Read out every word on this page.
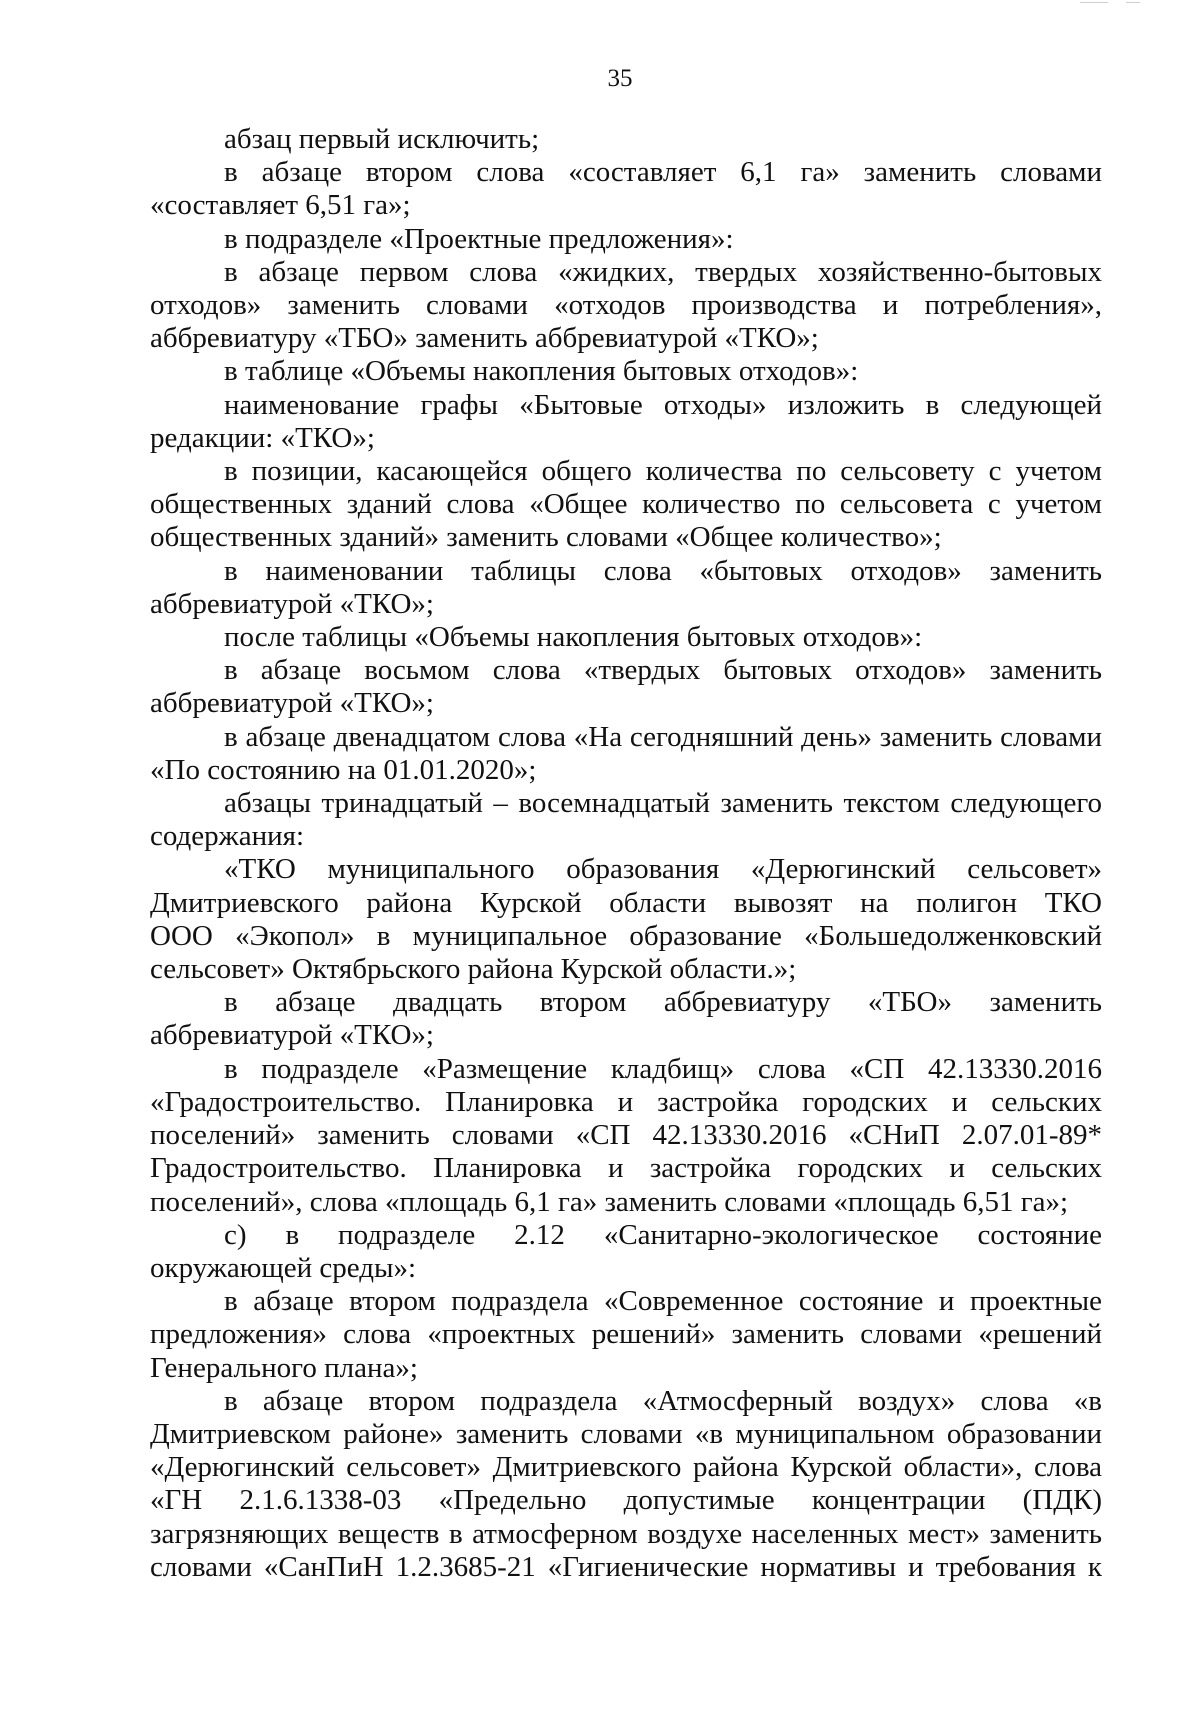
35
абзац первый исключить;
в абзаце втором слова «составляет 6,1 га» заменить словами
«составляет 6,51 га»;
в подразделе «Проектные предложения»:
в абзаце первом слова «жидких, твердых хозяйственно-бытовых
отходов» заменить словами «отходов производства и потребления»,
аббревиатуру «ТБО» заменить аббревиатурой «ТКО»;
в таблице «Объемы накопления бытовых отходов»:
наименование графы «Бытовые отходы» изложить в следующей
редакции: «ТКО»;
в позиции, касающейся общего количества по сельсовету с учетом
общественных зданий слова «Общее количество по сельсовета с учетом
общественных зданий» заменить словами «Общее количество»;
в наименовании таблицы слова «бытовых отходов» заменить
аббревиатурой «ТКО»;
после таблицы «Объемы накопления бытовых отходов»:
в абзаце восьмом слова «твердых бытовых отходов» заменить
аббревиатурой «ТКО»;
в абзаце двенадцатом слова «На сегодняшний день» заменить словами
«По состоянию на 01.01.2020»;
абзацы тринадцатый – восемнадцатый заменить текстом следующего
содержания:
«ТКО муниципального образования «Дерюгинский сельсовет»
Дмитриевского района Курской области вывозят на полигон ТКО
ООО «Экопол» в муниципальное образование «Большедолженковский
сельсовет» Октябрьского района Курской области.»;
в абзаце двадцать втором аббревиатуру «ТБО» заменить
аббревиатурой «ТКО»;
в подразделе «Размещение кладбищ» слова «СП 42.13330.2016
«Градостроительство. Планировка и застройка городских и сельских
поселений» заменить словами «СП 42.13330.2016 «СНиП 2.07.01-89*
Градостроительство. Планировка и застройка городских и сельских
поселений», слова «площадь 6,1 га» заменить словами «площадь 6,51 га»;
с) в подразделе 2.12 «Санитарно-экологическое состояние
окружающей среды»:
в абзаце втором подраздела «Современное состояние и проектные
предложения» слова «проектных решений» заменить словами «решений
Генерального плана»;
в абзаце втором подраздела «Атмосферный воздух» слова «в
Дмитриевском районе» заменить словами «в муниципальном образовании
«Дерюгинский сельсовет» Дмитриевского района Курской области», слова
«ГН 2.1.6.1338-03 «Предельно допустимые концентрации (ПДК)
загрязняющих веществ в атмосферном воздухе населенных мест» заменить
словами «СанПиН 1.2.3685-21 «Гигиенические нормативы и требования к
